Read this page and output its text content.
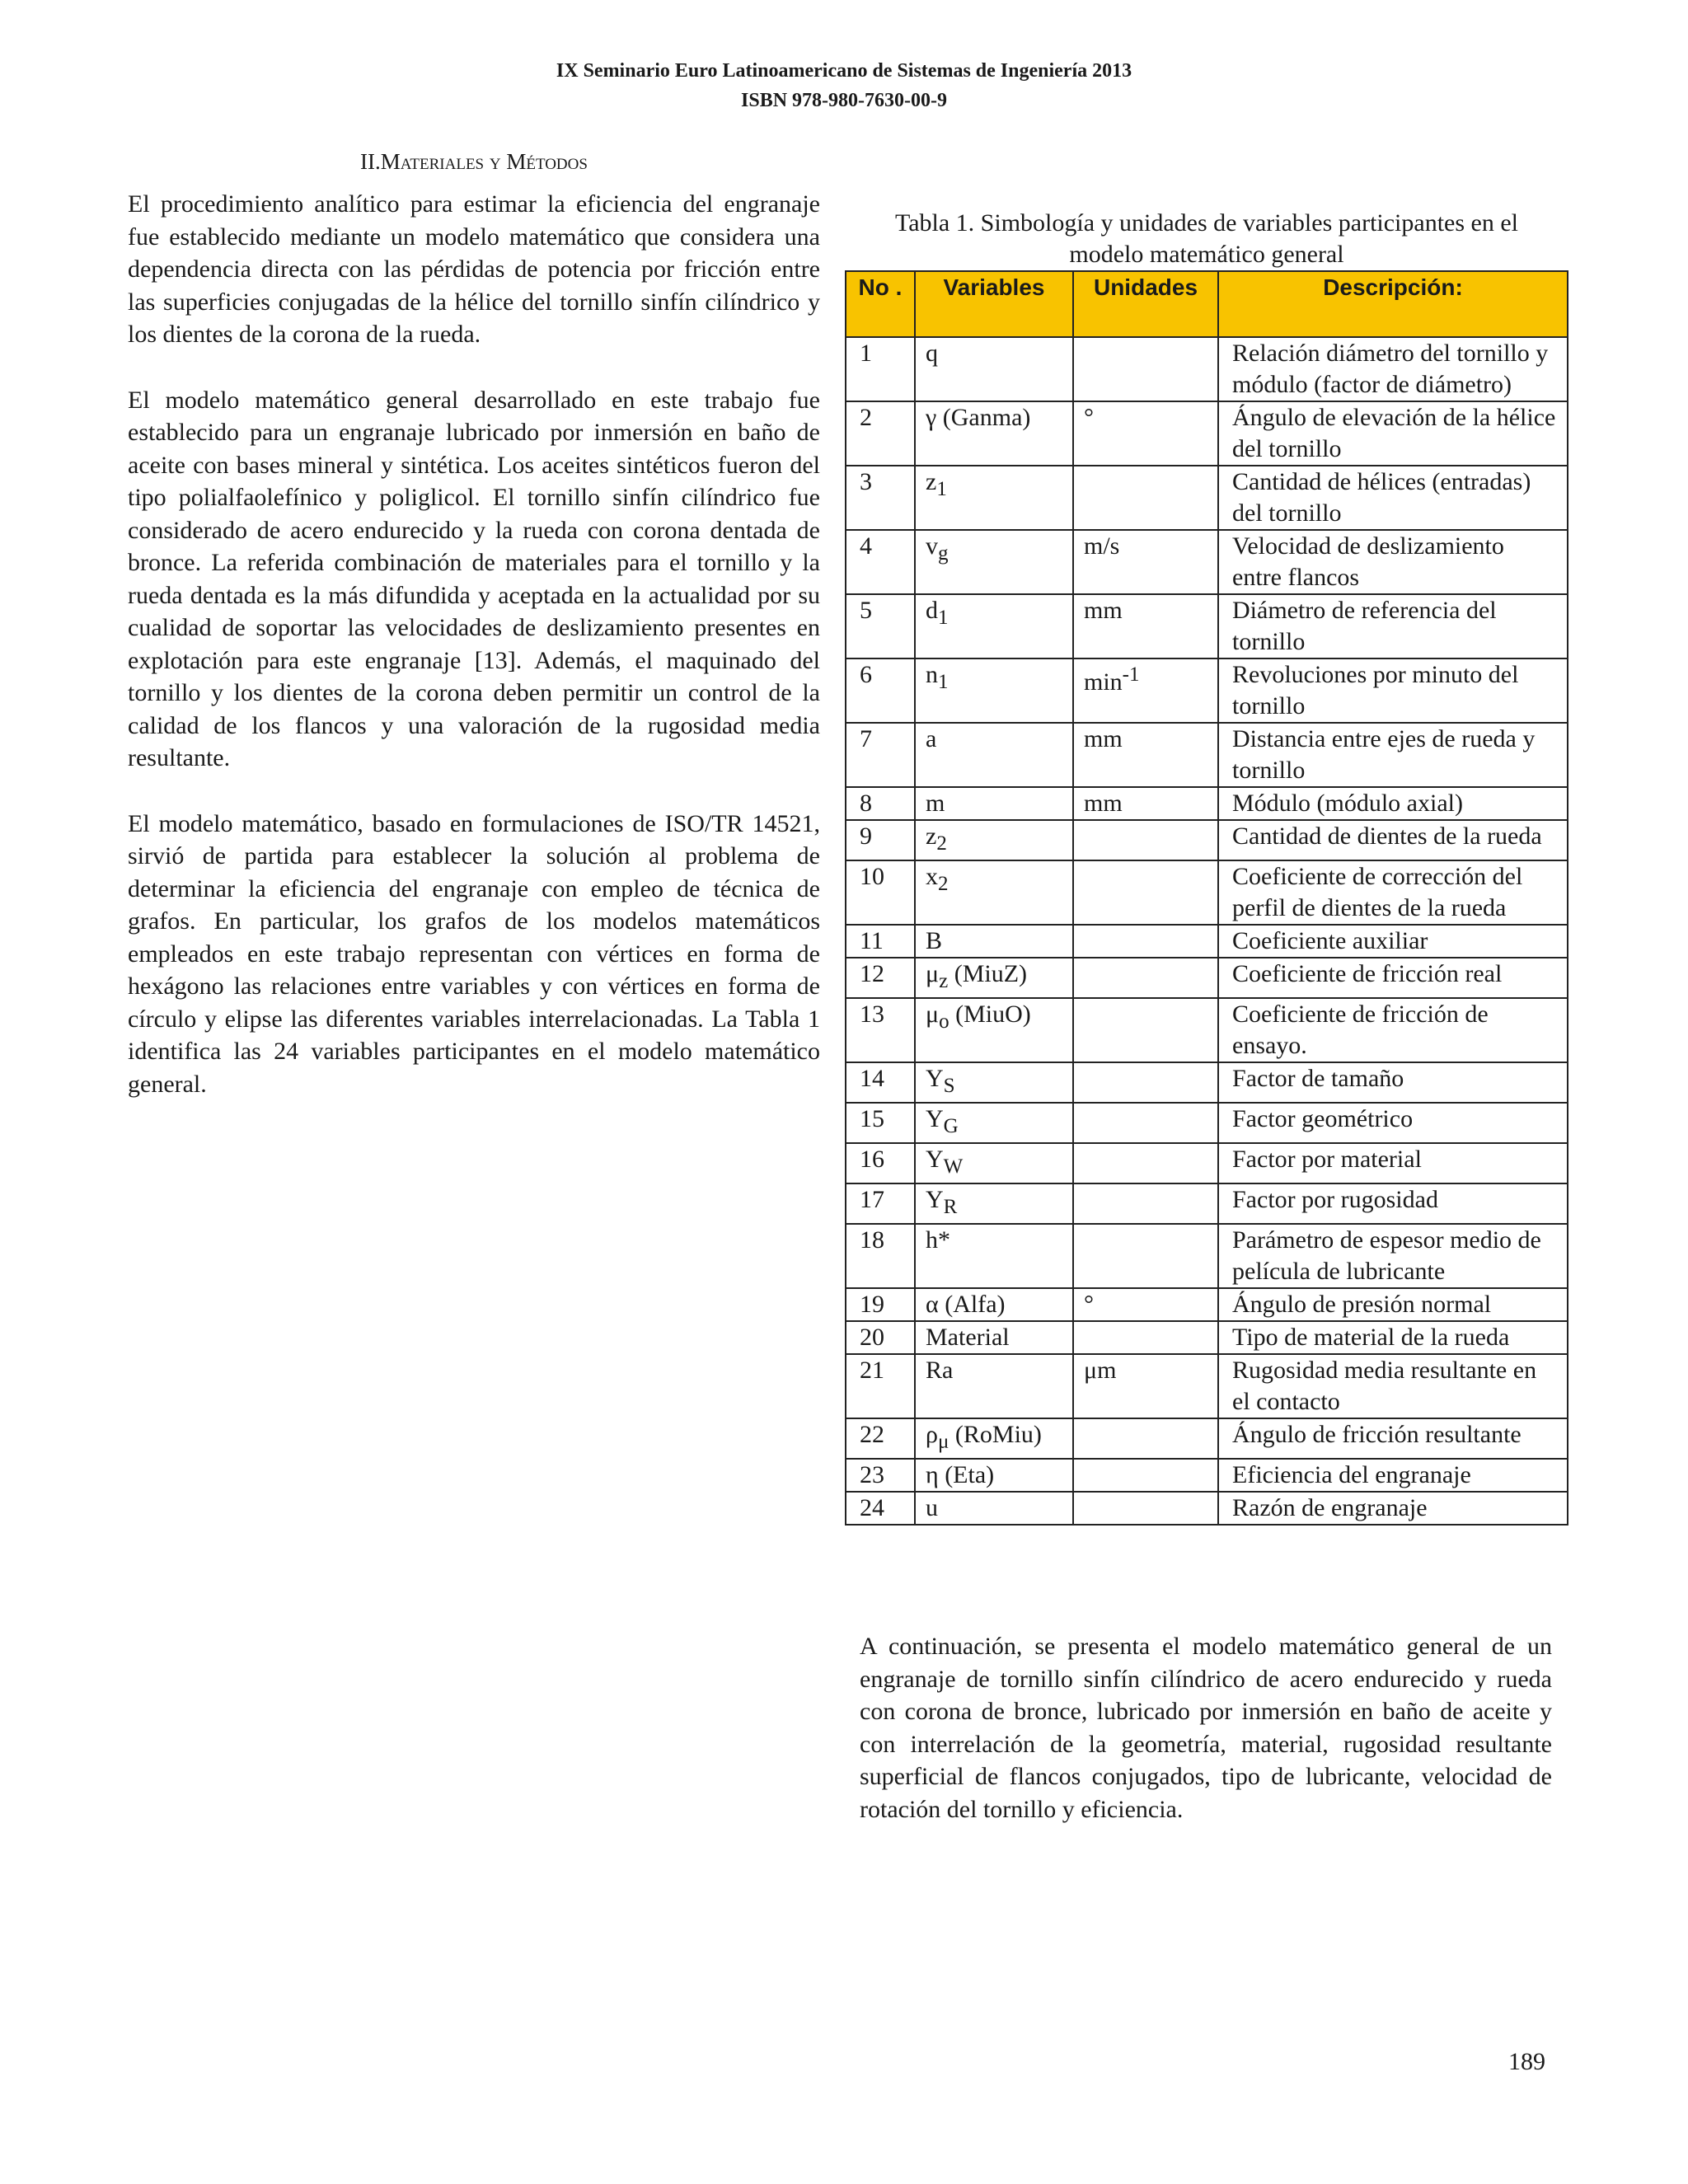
IX Seminario Euro Latinoamericano de Sistemas de Ingeniería 2013
ISBN 978-980-7630-00-9
II.Materiales y Métodos

El procedimiento analítico para estimar la eficiencia del engranaje fue establecido mediante un modelo matemático que considera una dependencia directa con las pérdidas de potencia por fricción entre las superficies conjugadas de la hélice del tornillo sinfín cilíndrico y los dientes de la corona de la rueda.

El modelo matemático general desarrollado en este trabajo fue establecido para un engranaje lubricado por inmersión en baño de aceite con bases mineral y sintética. Los aceites sintéticos fueron del tipo polialfaolefínico y poliglicol. El tornillo sinfín cilíndrico fue considerado de acero endurecido y la rueda con corona dentada de bronce. La referida combinación de materiales para el tornillo y la rueda dentada es la más difundida y aceptada en la actualidad por su cualidad de soportar las velocidades de deslizamiento presentes en explotación para este engranaje [13]. Además, el maquinado del tornillo y los dientes de la corona deben permitir un control de la calidad de los flancos y una valoración de la rugosidad media resultante.

El modelo matemático, basado en formulaciones de ISO/TR 14521, sirvió de partida para establecer la solución al problema de determinar la eficiencia del engranaje con empleo de técnica de grafos. En particular, los grafos de los modelos matemáticos empleados en este trabajo representan con vértices en forma de hexágono las relaciones entre variables y con vértices en forma de círculo y elipse las diferentes variables interrelacionadas. La Tabla 1 identifica las 24 variables participantes en el modelo matemático general.

Tabla 1. Simbología y unidades de variables participantes en el modelo matemático general

No .	Variables	Unidades	Descripción:
1	q		Relación diámetro del tornillo y módulo (factor de diámetro)
2	γ (Ganma)	°	Ángulo de elevación de la hélice del tornillo
3	$z_1$		Cantidad de hélices (entradas) del tornillo
4	$v_g$	m/s	Velocidad de deslizamiento entre flancos
5	$d_1$	mm	Diámetro de referencia del tornillo
6	$n_1$	$\min^{-1}$	Revoluciones por minuto del tornillo
7	a	mm	Distancia entre ejes de rueda y tornillo
8	m	mm	Módulo (módulo axial)
9	$z_2$		Cantidad de dientes de la rueda
10	$x_2$		Coeficiente de corrección del perfil de dientes de la rueda
11	B		Coeficiente auxiliar
12	$\mu_z$ (MiuZ)		Coeficiente de fricción real
13	$\mu_o$ (MiuO)		Coeficiente de fricción de ensayo.
14	$Y_S$		Factor de tamaño
15	$Y_G$		Factor geométrico
16	$Y_W$		Factor por material
17	$Y_R$		Factor por rugosidad
18	h*		Parámetro de espesor medio de película de lubricante
19	α (Alfa)	°	Ángulo de presión normal
20	Material		Tipo de material de la rueda
21	Ra	μm	Rugosidad media resultante en el contacto
22	$\rho_\mu$ (RoMiu)		Ángulo de fricción resultante
23	η (Eta)		Eficiencia del engranaje
24	u		Razón de engranaje

A continuación, se presenta el modelo matemático general de un engranaje de tornillo sinfín cilíndrico de acero endurecido y rueda con corona de bronce, lubricado por inmersión en baño de aceite y con interrelación de la geometría, material, rugosidad resultante superficial de flancos conjugados, tipo de lubricante, velocidad de rotación del tornillo y eficiencia.

189
